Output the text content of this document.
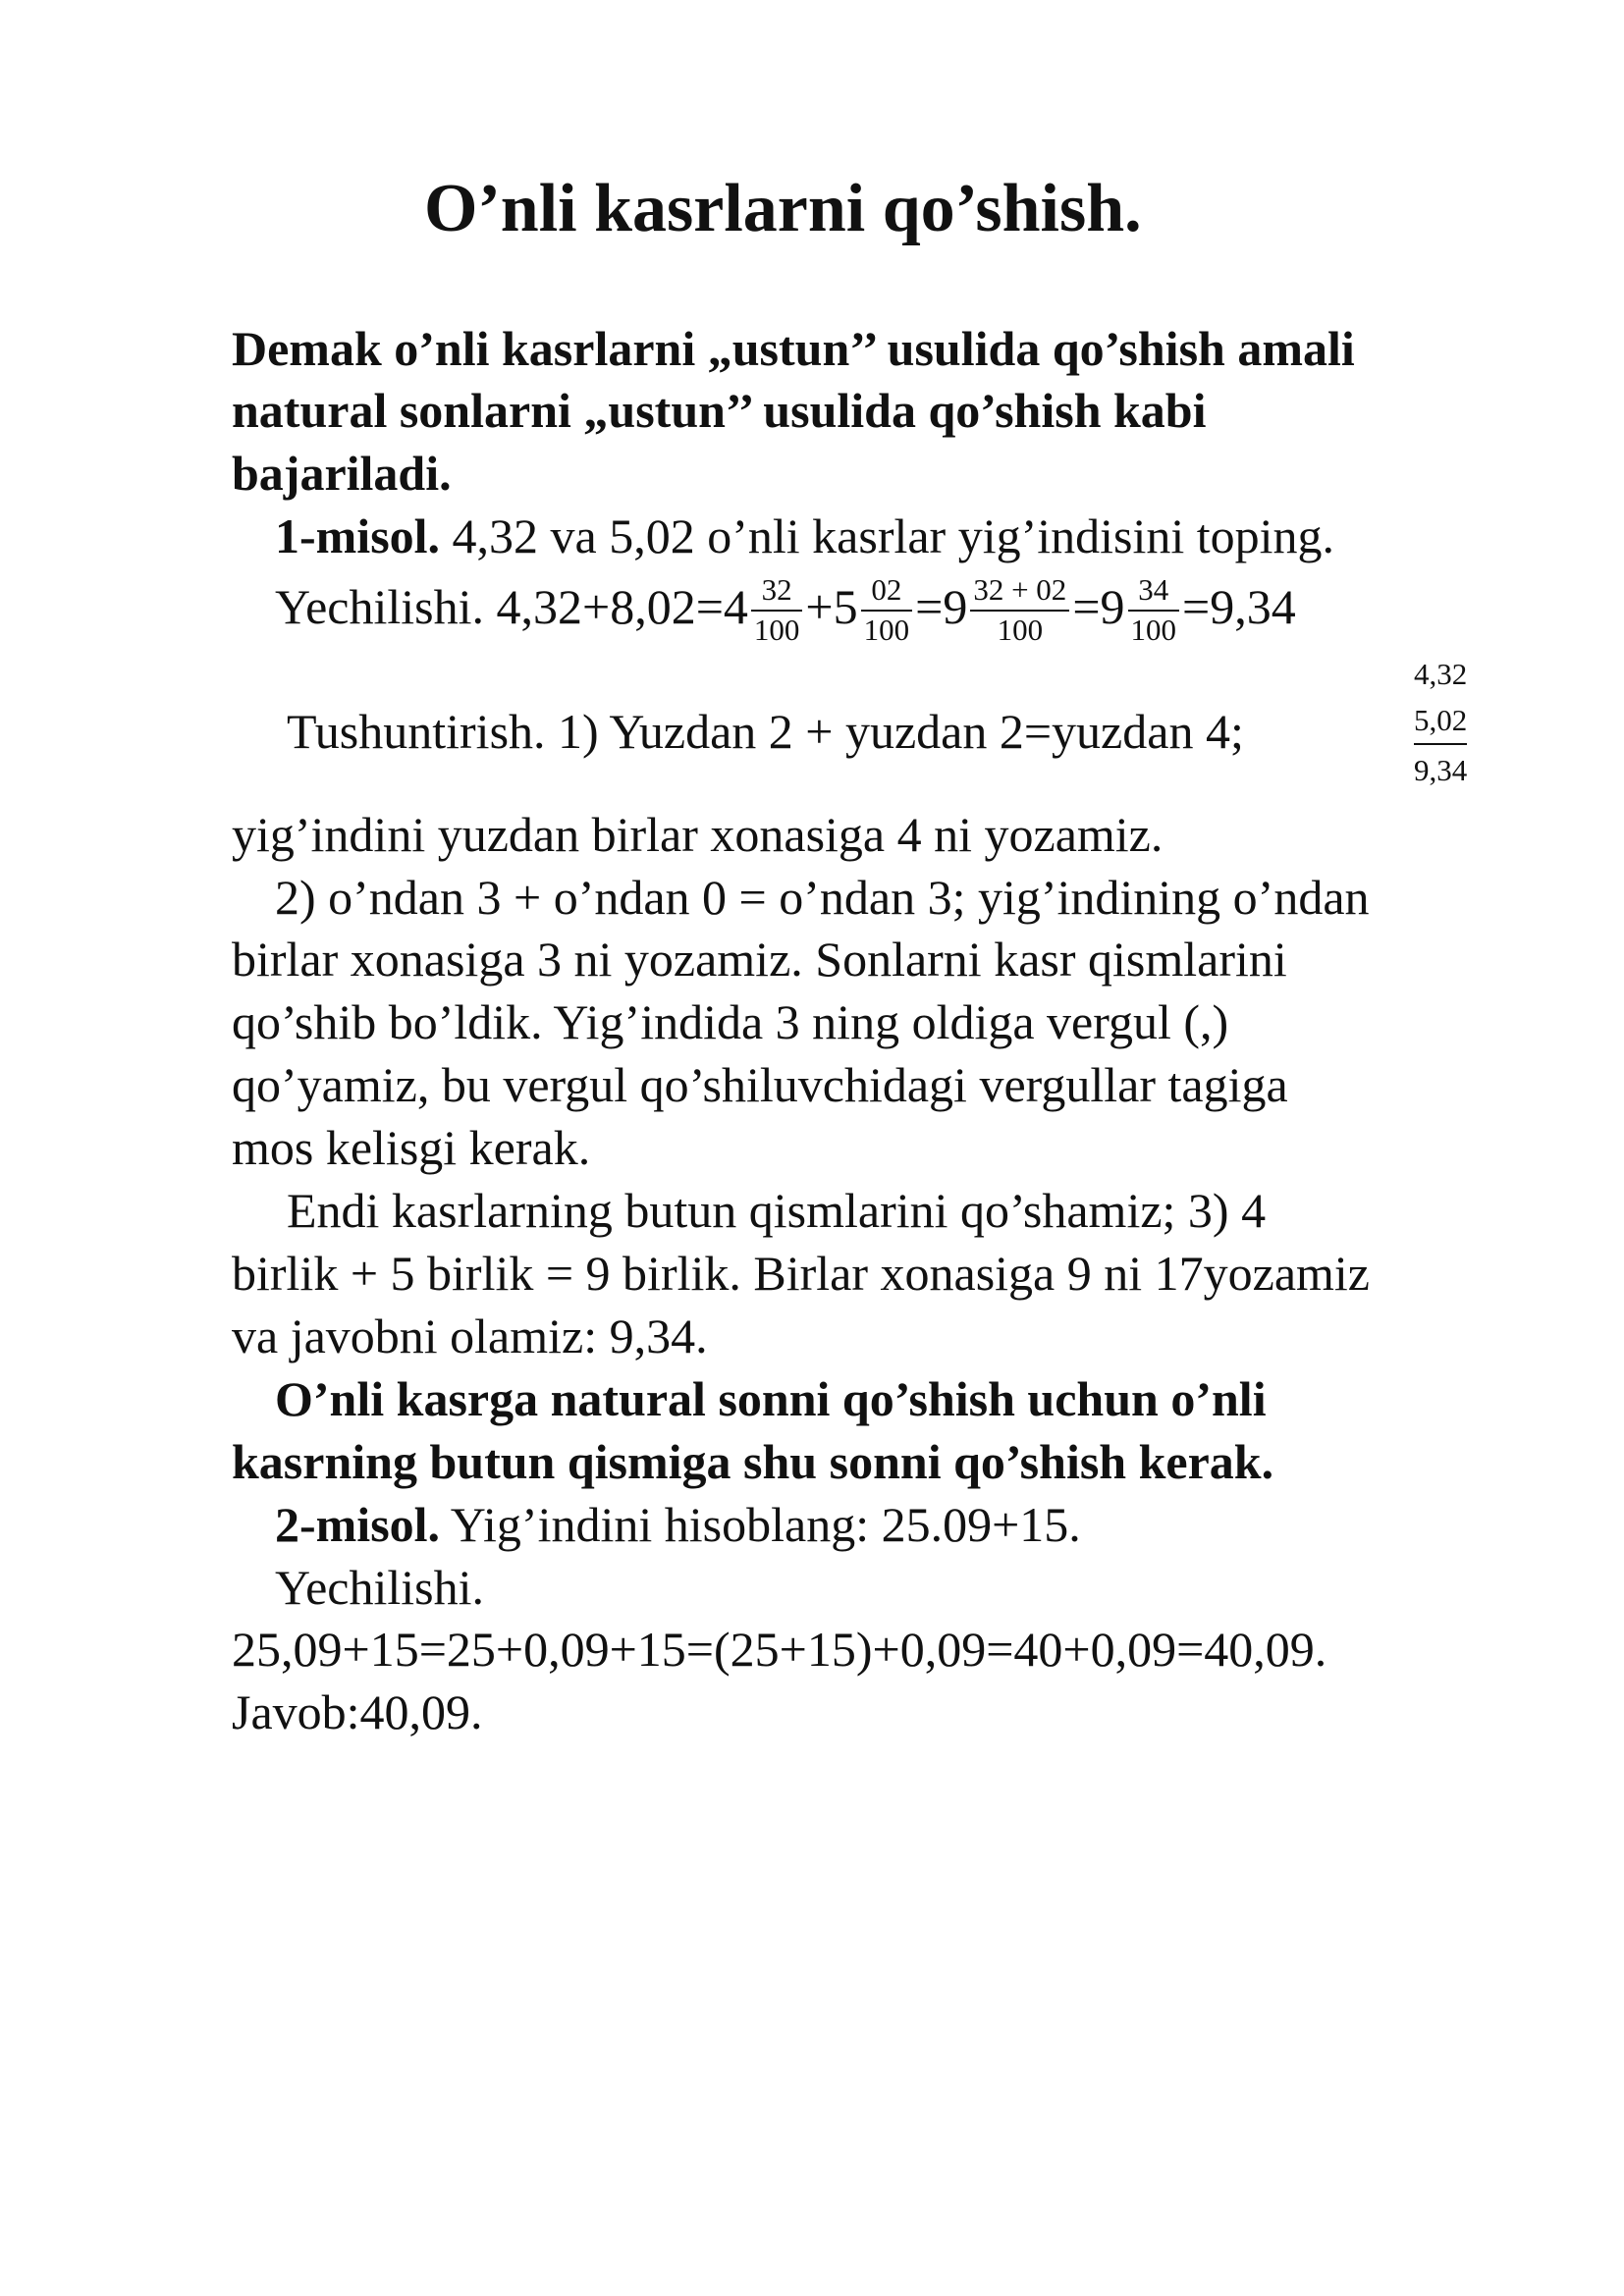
O’nli kasrlarni qo’shish.
Demak o’nli kasrlarni „ustun’’ usulida qo’shish amali
natural sonlarni „ustun’’ usulida qo’shish kabi
bajariladi.
1-misol. 4,32 va 5,02 o’nli kasrlar yig’indisini toping.
Yechilishi. $4,32+8,02=4 \frac{32}{100} +5 \frac{02}{100} =9 \frac{32 + 02}{100} =9 \frac{34}{100} =9,34$
4,32
5,02
9,34
Tushuntirish. 1) Yuzdan 2 + yuzdan 2=yuzdan 4;
yig’indini yuzdan birlar xonasiga 4 ni yozamiz.
2) o’ndan 3 + o’ndan 0 = o’ndan 3; yig’indining o’ndan
birlar xonasiga 3 ni yozamiz. Sonlarni kasr qismlarini
qo’shib bo’ldik. Yig’indida 3 ning oldiga vergul (,)
qo’yamiz, bu vergul qo’shiluvchidagi vergullar tagiga
mos kelisgi kerak.
Endi kasrlarning butun qismlarini qo’shamiz; 3) 4
birlik + 5 birlik = 9 birlik. Birlar xonasiga 9 ni 17yozamiz
va javobni olamiz: 9,34.
O’nli kasrga natural sonni qo’shish uchun o’nli
kasrning butun qismiga shu sonni qo’shish kerak.
2-misol. Yig’indini hisoblang: 25.09+15.
Yechilishi.
25,09+15=25+0,09+15=(25+15)+0,09=40+0,09=40,09.
Javob:40,09.
